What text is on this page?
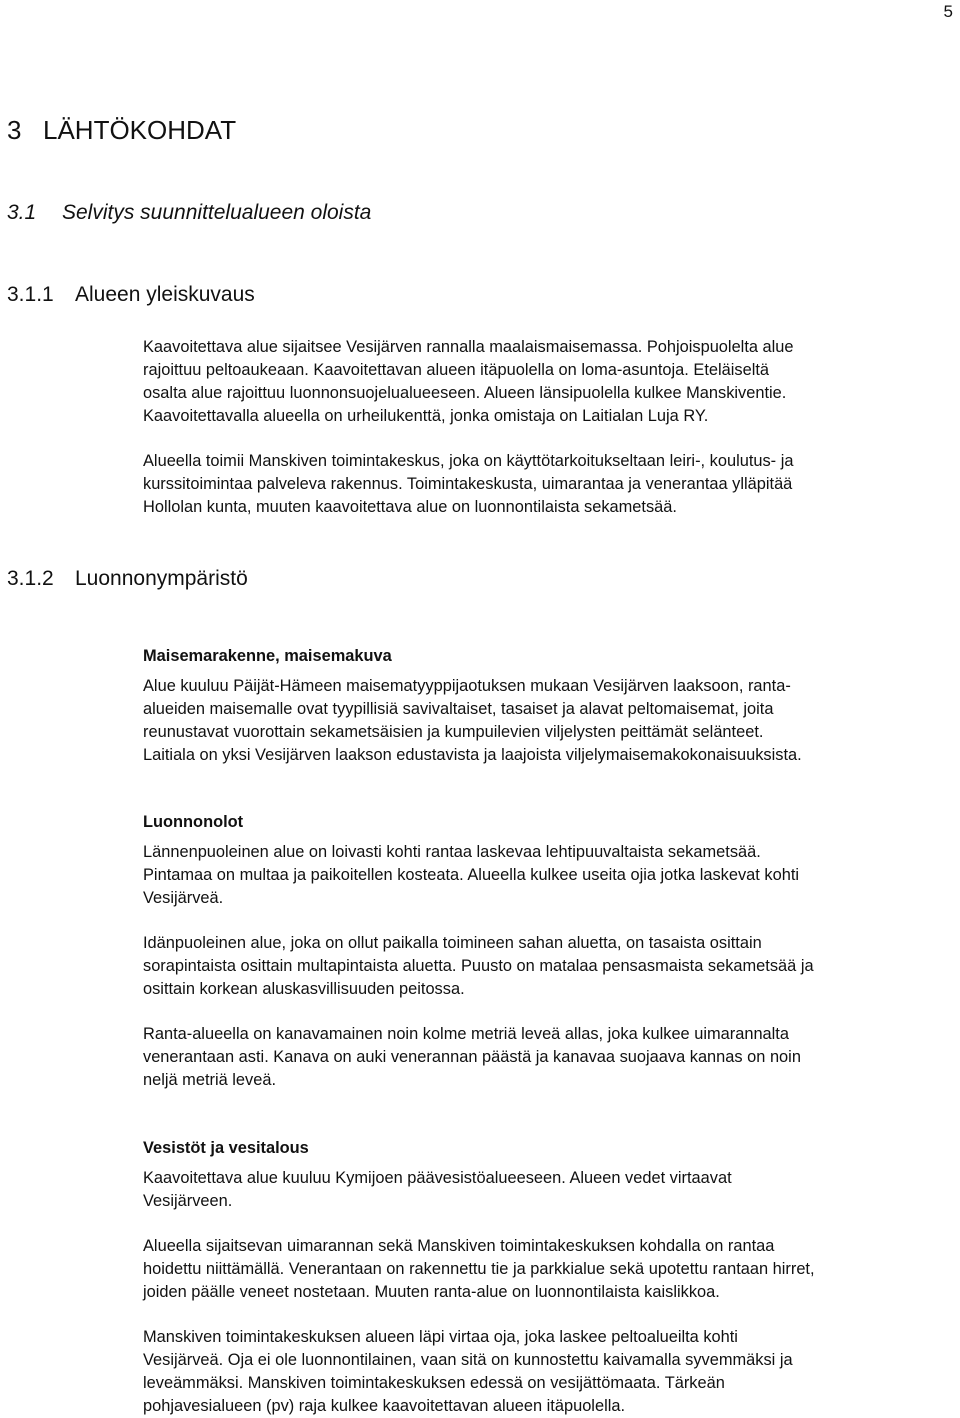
5
3 LÄHTÖKOHDAT
3.1 Selvitys suunnittelualueen oloista
3.1.1 Alueen yleiskuvaus

Kaavoitettava alue sijaitsee Vesijärven rannalla maalaismaisemassa. Pohjoispuolelta alue
rajoittuu peltoaukeaan. Kaavoitettavan alueen itäpuolella on loma-asuntoja. Eteläiseltä
osalta alue rajoittuu luonnonsuojelualueeseen. Alueen länsipuolella kulkee Manskiventie.
Kaavoitettavalla alueella on urheilukenttä, jonka omistaja on Laitialan Luja RY.

Alueella toimii Manskiven toimintakeskus, joka on käyttötarkoitukseltaan leiri-, koulutus- ja
kurssitoimintaa palveleva rakennus. Toimintakeskusta, uimarantaa ja venerantaa ylläpitää
Hollolan kunta, muuten kaavoitettava alue on luonnontilaista sekametsää.

3.1.2 Luonnonympäristö
Maisemarakenne, maisemakuva

Alue kuuluu Päijät-Hämeen maisematyyppijaotuksen mukaan Vesijärven laaksoon, ranta-
alueiden maisemalle ovat tyypillisiä savivaltaiset, tasaiset ja alavat peltomaisemat, joita
reunustavat vuorottain sekametsäisien ja kumpuilevien viljelysten peittämät selänteet.
Laitiala on yksi Vesijärven laakson edustavista ja laajoista viljelymaisemakokonaisuuksista.

Luonnonolot

Lännenpuoleinen alue on loivasti kohti rantaa laskevaa lehtipuuvaltaista sekametsää.
Pintamaa on multaa ja paikoitellen kosteata. Alueella kulkee useita ojia jotka laskevat kohti
Vesijärveä.

Idänpuoleinen alue, joka on ollut paikalla toimineen sahan aluetta, on tasaista osittain
sorapintaista osittain multapintaista aluetta. Puusto on matalaa pensasmaista sekametsää ja
osittain korkean aluskasvillisuuden peitossa.

Ranta-alueella on kanavamainen noin kolme metriä leveä allas, joka kulkee uimarannalta
venerantaan asti. Kanava on auki venerannan päästä ja kanavaa suojaava kannas on noin
neljä metriä leveä.

Vesistöt ja vesitalous

Kaavoitettava alue kuuluu Kymijoen päävesistöalueeseen. Alueen vedet virtaavat
Vesijärveen.

Alueella sijaitsevan uimarannan sekä Manskiven toimintakeskuksen kohdalla on rantaa
hoidettu niittämällä. Venerantaan on rakennettu tie ja parkkialue sekä upotettu rantaan hirret,
joiden päälle veneet nostetaan. Muuten ranta-alue on luonnontilaista kaislikkoa.

Manskiven toimintakeskuksen alueen läpi virtaa oja, joka laskee peltoalueilta kohti
Vesijärveä. Oja ei ole luonnontilainen, vaan sitä on kunnostettu kaivamalla syvemmäksi ja
leveämmäksi. Manskiven toimintakeskuksen edessä on vesijättömaata. Tärkeän
pohjavesialueen (pv) raja kulkee kaavoitettavan alueen itäpuolella.
